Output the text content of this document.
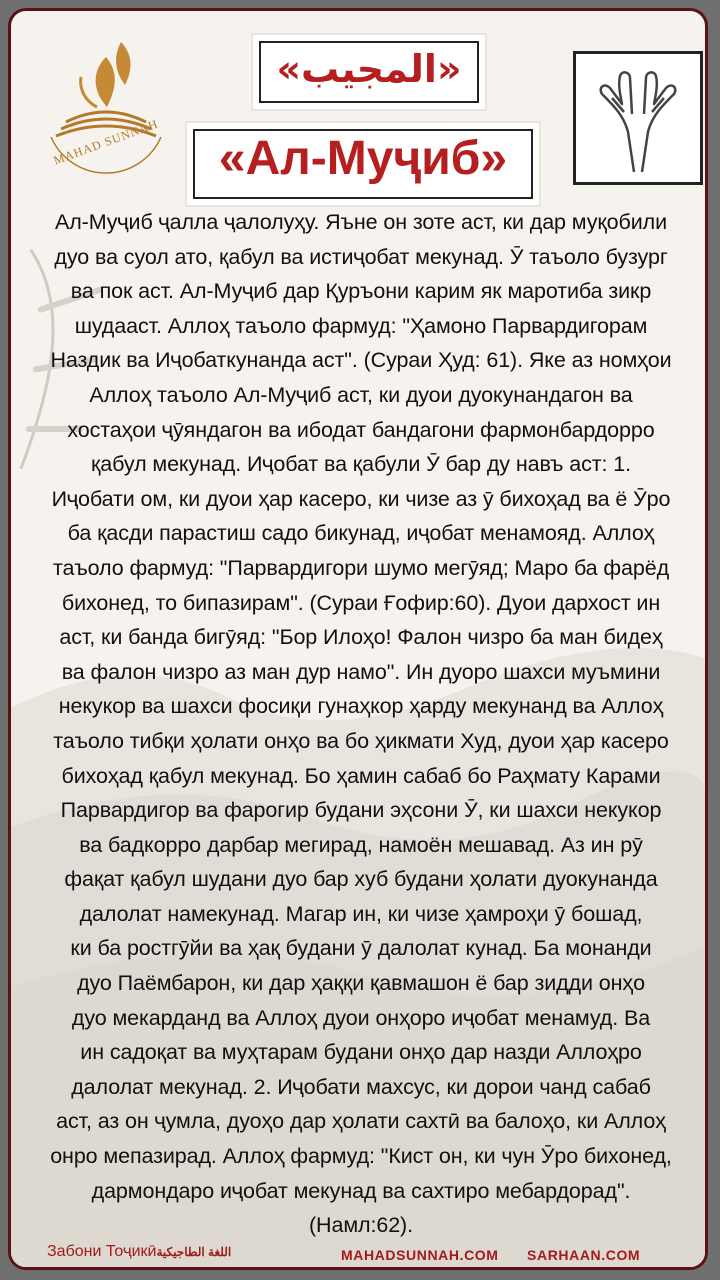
MAHAD SUNNAH
«المجيب»
«Ал-Муҷиб»
Ал-Муҷиб ҷалла ҷалолуҳу. Яъне он зоте аст, ки дар муқобили
дуо ва суол ато, қабул ва истиҷобат мекунад. Ӯ таъоло бузург
ва пок аст. Ал-Муҷиб дар Қуръони карим як маротиба зикр
шудааст. Аллоҳ таъоло фармуд: "Ҳамоно Парвардигорам
Наздик ва Иҷобаткунанда аст". (Сураи Ҳуд: 61). Яке аз номҳои
Аллоҳ таъоло Ал-Муҷиб аст, ки дуои дуокунандагон ва
хостаҳои ҷӯяндагон ва ибодат бандагони фармонбардорро
қабул мекунад. Иҷобат ва қабули Ӯ бар ду навъ аст: 1.
Иҷобати ом, ки дуои ҳар касеро, ки чизе аз ӯ бихоҳад ва ё Ӯро
ба қасди парастиш садо бикунад, иҷобат менамояд. Аллоҳ
таъоло фармуд: "Парвардигори шумо мегӯяд; Маро ба фарёд
бихонед, то бипазирам". (Сураи Ғофир:60). Дуои дархост ин
аст, ки банда бигӯяд: "Бор Илоҳо! Фалон чизро ба ман бидеҳ
ва фалон чизро аз ман дур намо". Ин дуоро шахси муъмини
некукор ва шахси фосиқи гунаҳкор ҳарду мекунанд ва Аллоҳ
таъоло тибқи ҳолати онҳо ва бо ҳикмати Худ, дуои ҳар касеро
бихоҳад қабул мекунад. Бо ҳамин сабаб бо Раҳмату Карами
Парвардигор ва фарогир будани эҳсони Ӯ, ки шахси некукор
ва бадкорро дарбар мегирад, намоён мешавад. Аз ин рӯ
фақат қабул шудани дуо бар хуб будани ҳолати дуокунанда
далолат намекунад. Магар ин, ки чизе ҳамроҳи ӯ бошад,
ки ба ростгӯйи ва ҳақ будани ӯ далолат кунад. Ба монанди
дуо Паёмбарон, ки дар ҳаққи қавмашон ё бар зидди онҳо
дуо мекарданд ва Аллоҳ дуои онҳоро иҷобат менамуд. Ва
ин садоқат ва муҳтарам будани онҳо дар назди Аллоҳро
далолат мекунад. 2. Иҷобати махсус, ки дорои чанд сабаб
аст, аз он ҷумла, дуоҳо дар ҳолати сахтӣ ва балоҳо, ки Аллоҳ
онро мепазирад. Аллоҳ фармуд: "Кист он, ки чун Ӯро бихонед,
дармондаро иҷобат мекунад ва сахтиро мебардорад".
(Намл:62).
Забони Тоҷикӣاللغة الطاجيكية	MAHADSUNNAH.COM SARHAAN.COM
